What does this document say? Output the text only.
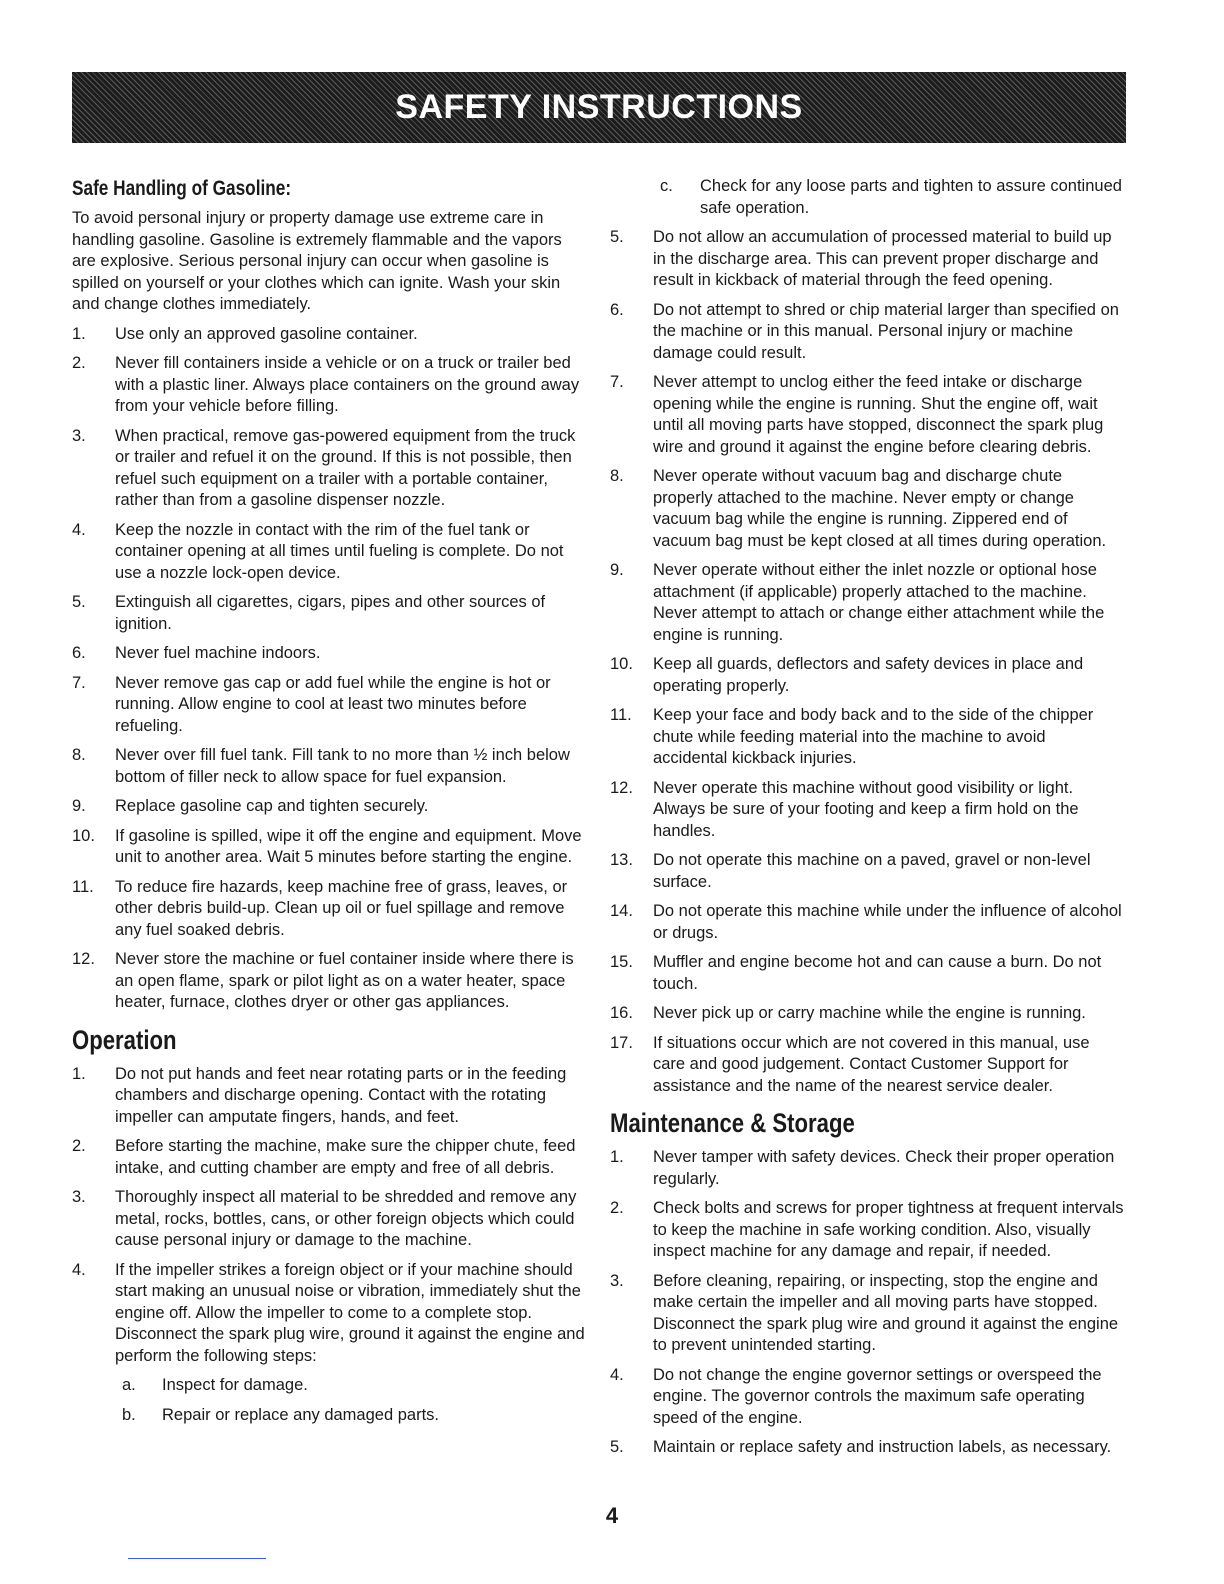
SAFETY INSTRUCTIONS
Safe Handling of Gasoline:

To avoid personal injury or property damage use extreme care in handling gasoline. Gasoline is extremely flammable and the vapors are explosive. Serious personal injury can occur when gasoline is spilled on yourself or your clothes which can ignite. Wash your skin and change clothes immediately.

1.	Use only an approved gasoline container.
2.	Never fill containers inside a vehicle or on a truck or trailer bed with a plastic liner. Always place containers on the ground away from your vehicle before filling.
3.	When practical, remove gas-powered equipment from the truck or trailer and refuel it on the ground. If this is not possible, then refuel such equipment on a trailer with a portable container, rather than from a gasoline dispenser nozzle.
4.	Keep the nozzle in contact with the rim of the fuel tank or container opening at all times until fueling is complete. Do not use a nozzle lock-open device.
5.	Extinguish all cigarettes, cigars, pipes and other sources of ignition.
6.	Never fuel machine indoors.
7.	Never remove gas cap or add fuel while the engine is hot or running. Allow engine to cool at least two minutes before refueling.
8.	Never over fill fuel tank. Fill tank to no more than ½ inch below bottom of filler neck to allow space for fuel expansion.
9.	Replace gasoline cap and tighten securely.
10.	If gasoline is spilled, wipe it off the engine and equipment. Move unit to another area. Wait 5 minutes before starting the engine.
11.	To reduce fire hazards, keep machine free of grass, leaves, or other debris build-up. Clean up oil or fuel spillage and remove any fuel soaked debris.
12.	Never store the machine or fuel container inside where there is an open flame, spark or pilot light as on a water heater, space heater, furnace, clothes dryer or other gas appliances.
Operation
1.	Do not put hands and feet near rotating parts or in the feeding chambers and discharge opening. Contact with the rotating impeller can amputate fingers, hands, and feet.
2.	Before starting the machine, make sure the chipper chute, feed intake, and cutting chamber are empty and free of all debris.
3.	Thoroughly inspect all material to be shredded and remove any metal, rocks, bottles, cans, or other foreign objects which could cause personal injury or damage to the machine.
4.	If the impeller strikes a foreign object or if your machine should start making an unusual noise or vibration, immediately shut the engine off. Allow the impeller to come to a complete stop. Disconnect the spark plug wire, ground it against the engine and perform the following steps:
a.	Inspect for damage.
b.	Repair or replace any damaged parts.
c.	Check for any loose parts and tighten to assure continued safe operation.
5.	Do not allow an accumulation of processed material to build up in the discharge area. This can prevent proper discharge and result in kickback of material through the feed opening.
6.	Do not attempt to shred or chip material larger than specified on the machine or in this manual. Personal injury or machine damage could result.
7.	Never attempt to unclog either the feed intake or discharge opening while the engine is running. Shut the engine off, wait until all moving parts have stopped, disconnect the spark plug wire and ground it against the engine before clearing debris.
8.	Never operate without vacuum bag and discharge chute properly attached to the machine. Never empty or change vacuum bag while the engine is running. Zippered end of vacuum bag must be kept closed at all times during operation.
9.	Never operate without either the inlet nozzle or optional hose attachment (if applicable) properly attached to the machine. Never attempt to attach or change either attachment while the engine is running.
10.	Keep all guards, deflectors and safety devices in place and operating properly.
11.	Keep your face and body back and to the side of the chipper chute while feeding material into the machine to avoid accidental kickback injuries.
12.	Never operate this machine without good visibility or light. Always be sure of your footing and keep a firm hold on the handles.
13.	Do not operate this machine on a paved, gravel or non-level surface.
14.	Do not operate this machine while under the influence of alcohol or drugs.
15.	Muffler and engine become hot and can cause a burn. Do not touch.
16.	Never pick up or carry machine while the engine is running.
17.	If situations occur which are not covered in this manual, use care and good judgement. Contact Customer Support for assistance and the name of the nearest service dealer.
Maintenance & Storage
1.	Never tamper with safety devices. Check their proper operation regularly.
2.	Check bolts and screws for proper tightness at frequent intervals to keep the machine in safe working condition. Also, visually inspect machine for any damage and repair, if needed.
3.	Before cleaning, repairing, or inspecting, stop the engine and make certain the impeller and all moving parts have stopped. Disconnect the spark plug wire and ground it against the engine to prevent unintended starting.
4.	Do not change the engine governor settings or overspeed the engine. The governor controls the maximum safe operating speed of the engine.
5.	Maintain or replace safety and instruction labels, as necessary.
4
